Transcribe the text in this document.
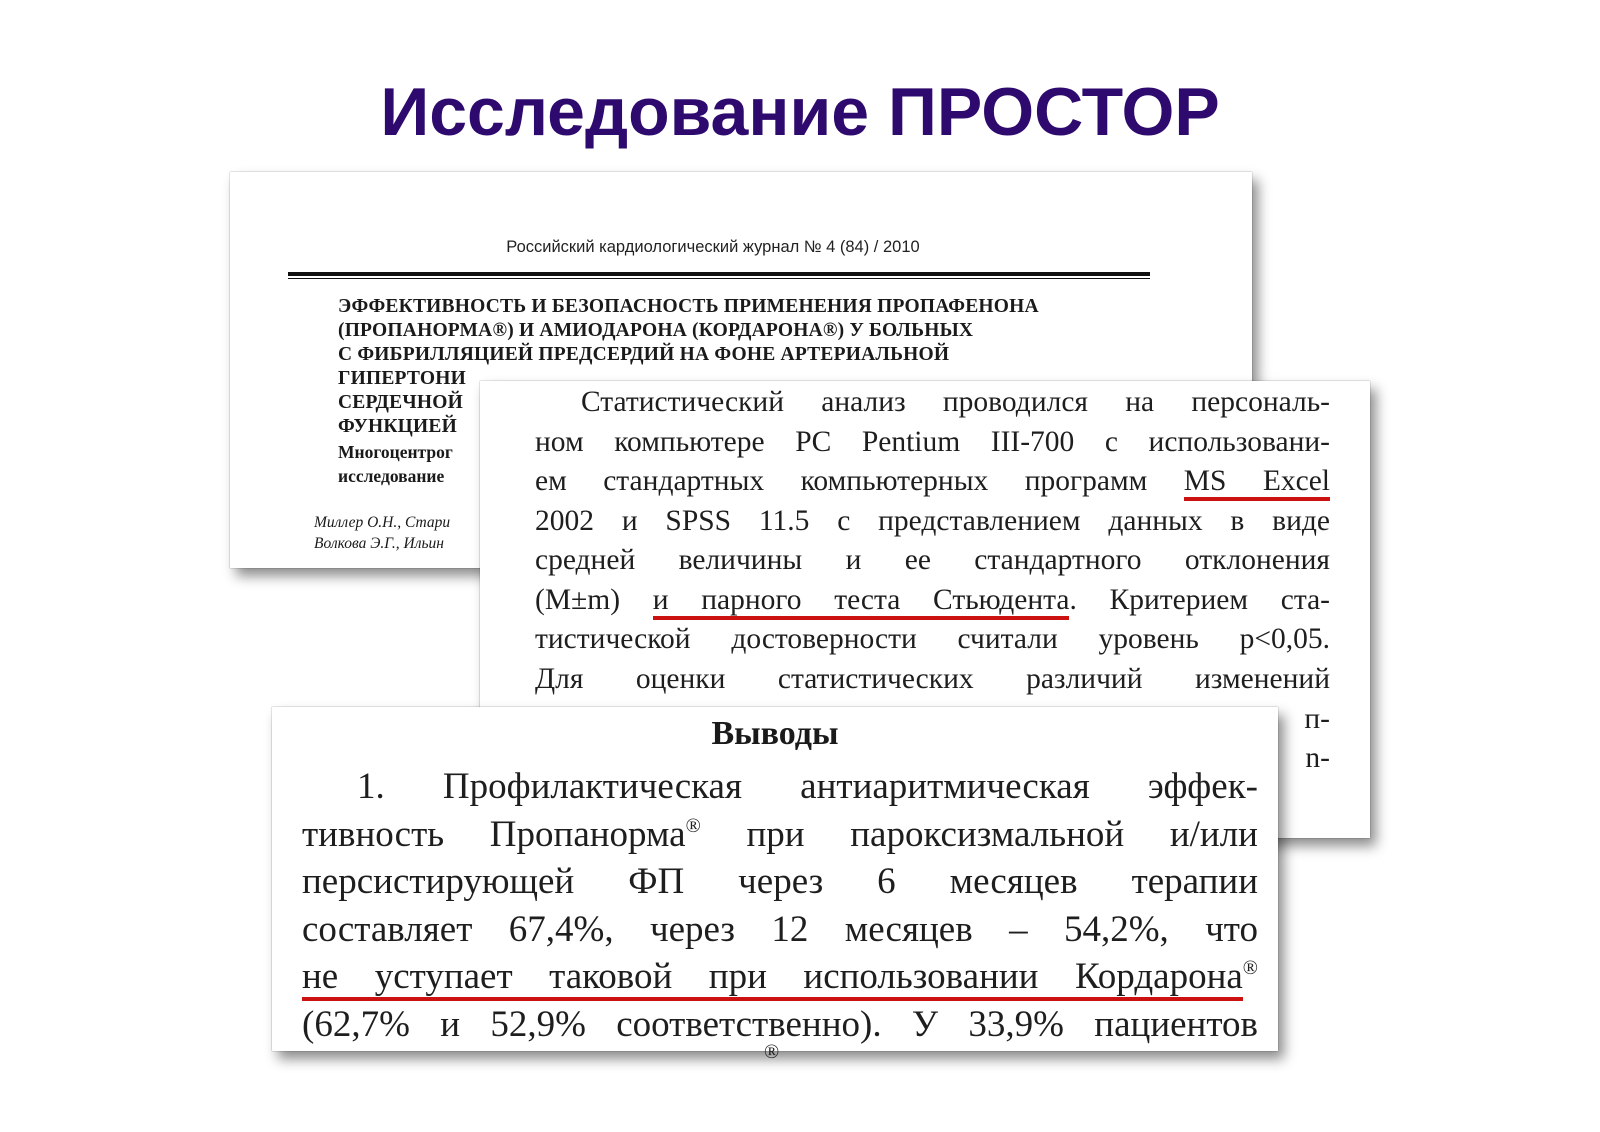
Исследование ПРОСТОР
Российский кардиологический журнал № 4 (84) / 2010
ЭФФЕКТИВНОСТЬ И БЕЗОПАСНОСТЬ ПРИМЕНЕНИЯ ПРОПАФЕНОНА
(ПРОПАНОРМА®) И АМИОДАРОНА (КОРДАРОНА®) У БОЛЬНЫХ
С ФИБРИЛЛЯЦИЕЙ ПРЕДСЕРДИЙ НА ФОНЕ АРТЕРИАЛЬНОЙ
ГИПЕРТОНИ
СЕРДЕЧНОЙ
ФУНКЦИЕЙ
Многоцентрог
исследование
Миллер О.Н., Стари
Волкова Э.Г., Ильин
Статистический анализ проводился на персональ-
ном компьютере PC Pentium III-700 с использовани-
ем стандартных компьютерных программ MS Excel
2002 и SPSS 11.5 с представлением данных в виде
средней величины и ее стандартного отклонения
(M±m) и парного теста Стьюдента. Критерием ста-
тистической достоверности считали уровень p<0,05.
Для оценки статистических различий изменений
п-
n-
Выводы
1. Профилактическая антиаритмическая эффек-
тивность Пропанорма® при пароксизмальной и/или
персистирующей ФП через 6 месяцев терапии
составляет 67,4%, через 12 месяцев – 54,2%, что
не уступает таковой при использовании Кордарона®
(62,7% и 52,9% соответственно). У 33,9% пациентов
®
